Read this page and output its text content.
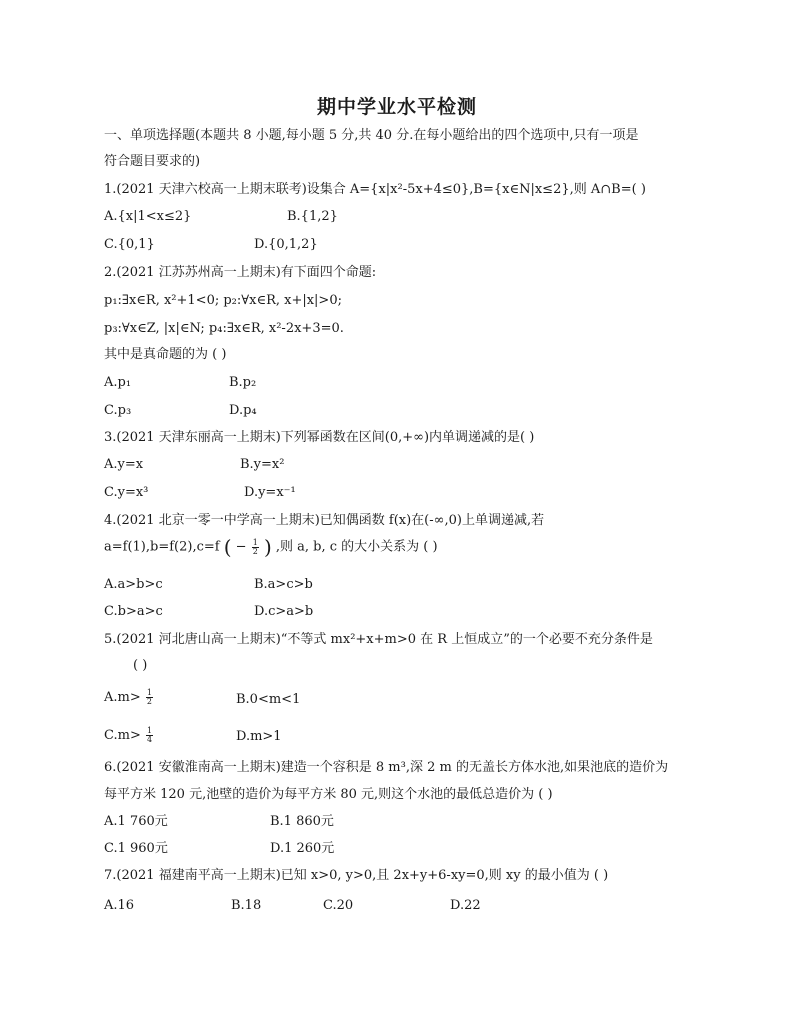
期中学业水平检测
一、单项选择题(本题共 8 小题,每小题 5 分,共 40 分.在每小题给出的四个选项中,只有一项是
符合题目要求的)
1.(2021 天津六校高一上期末联考)设集合 A={x|x²-5x+4≤0},B={x∈N|x≤2},则 A∩B=( )
A.{x|1<x≤2}	B.{1,2}
C.{0,1}	D.{0,1,2}
2.(2021 江苏苏州高一上期末)有下面四个命题:
p₁:∃x∈R, x²+1<0; p₂:∀x∈R, x+|x|>0;
p₃:∀x∈Z, |x|∈N; p₄:∃x∈R, x²-2x+3=0.
其中是真命题的为 ( )
A.p₁	B.p₂
C.p₃	D.p₄
3.(2021 天津东丽高一上期末)下列幂函数在区间(0,+∞)内单调递减的是( )
A.y=x	B.y=x²
C.y=x³	D.y=x⁻¹
4.(2021 北京一零一中学高一上期末)已知偶函数 f(x)在(-∞,0)上单调递减,若
a=f(1),b=f(2),c=f ( − $\frac{1}{2}$ ) ,则 a, b, c 的大小关系为 ( )
A.a>b>c	B.a>c>b
C.b>a>c	D.c>a>b
5.(2021 河北唐山高一上期末)“不等式 mx²+x+m>0 在 R 上恒成立”的一个必要不充分条件是
( )
$A.m> \frac{1}{2}$	B.0<m<1
$C.m> \frac{1}{4}$	D.m>1
6.(2021 安徽淮南高一上期末)建造一个容积是 8 m³,深 2 m 的无盖长方体水池,如果池底的造价为
每平方米 120 元,池壁的造价为每平方米 80 元,则这个水池的最低总造价为 ( )
A.1 760元	B.1 860元
C.1 960元	D.1 260元
7.(2021 福建南平高一上期末)已知 x>0, y>0,且 2x+y+6-xy=0,则 xy 的最小值为 ( )
A.16	B.18	C.20	D.22
